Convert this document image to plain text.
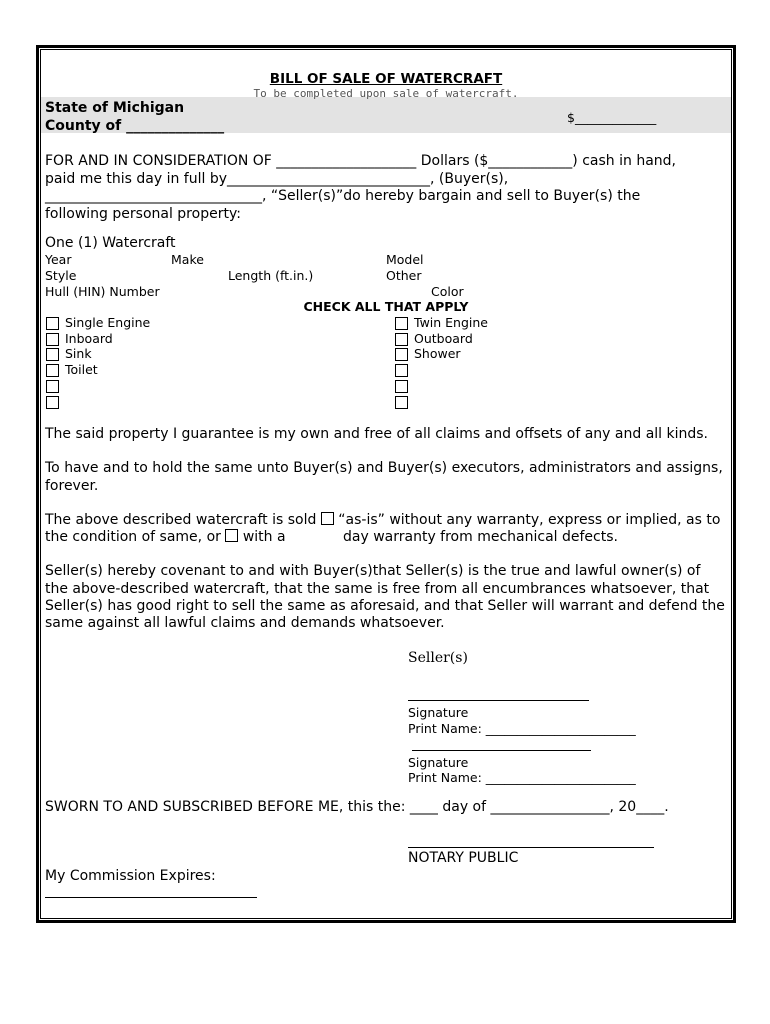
BILL OF SALE OF WATERCRAFT
To be completed upon sale of watercraft.
State of Michigan
County of ______________
$_____________
FOR AND IN CONSIDERATION OF ____________________ Dollars ($____________) cash in hand,
paid me this day in full by_____________________________, (Buyer(s),
_______________________________, “Seller(s)”do hereby bargain and sell to Buyer(s) the
following personal property:
One (1) Watercraft
Year	Make	Model
Style	Length (ft.in.)	Other
Hull (HIN) Number	Color
CHECK ALL THAT APPLY
Single Engine
Inboard
Sink
Toilet
Twin Engine
Outboard
Shower
The said property I guarantee is my own and free of all claims and offsets of any and all kinds.
To have and to hold the same unto Buyer(s) and Buyer(s) executors, administrators and assigns,
forever.
The above described watercraft is sold “as-is” without any warranty, express or implied, as to
the condition of same, or with a	day warranty from mechanical defects.
Seller(s) hereby covenant to and with Buyer(s)that Seller(s) is the true and lawful owner(s) of
the above-described watercraft, that the same is free from all encumbrances whatsoever, that
Seller(s) has good right to sell the same as aforesaid, and that Seller will warrant and defend the
same against all lawful claims and demands whatsoever.
Seller(s)
Signature
Print Name: ________________________
Signature
Print Name: ________________________
SWORN TO AND SUBSCRIBED BEFORE ME, this the: ____ day of _________________, 20____.
NOTARY PUBLIC
My Commission Expires:
